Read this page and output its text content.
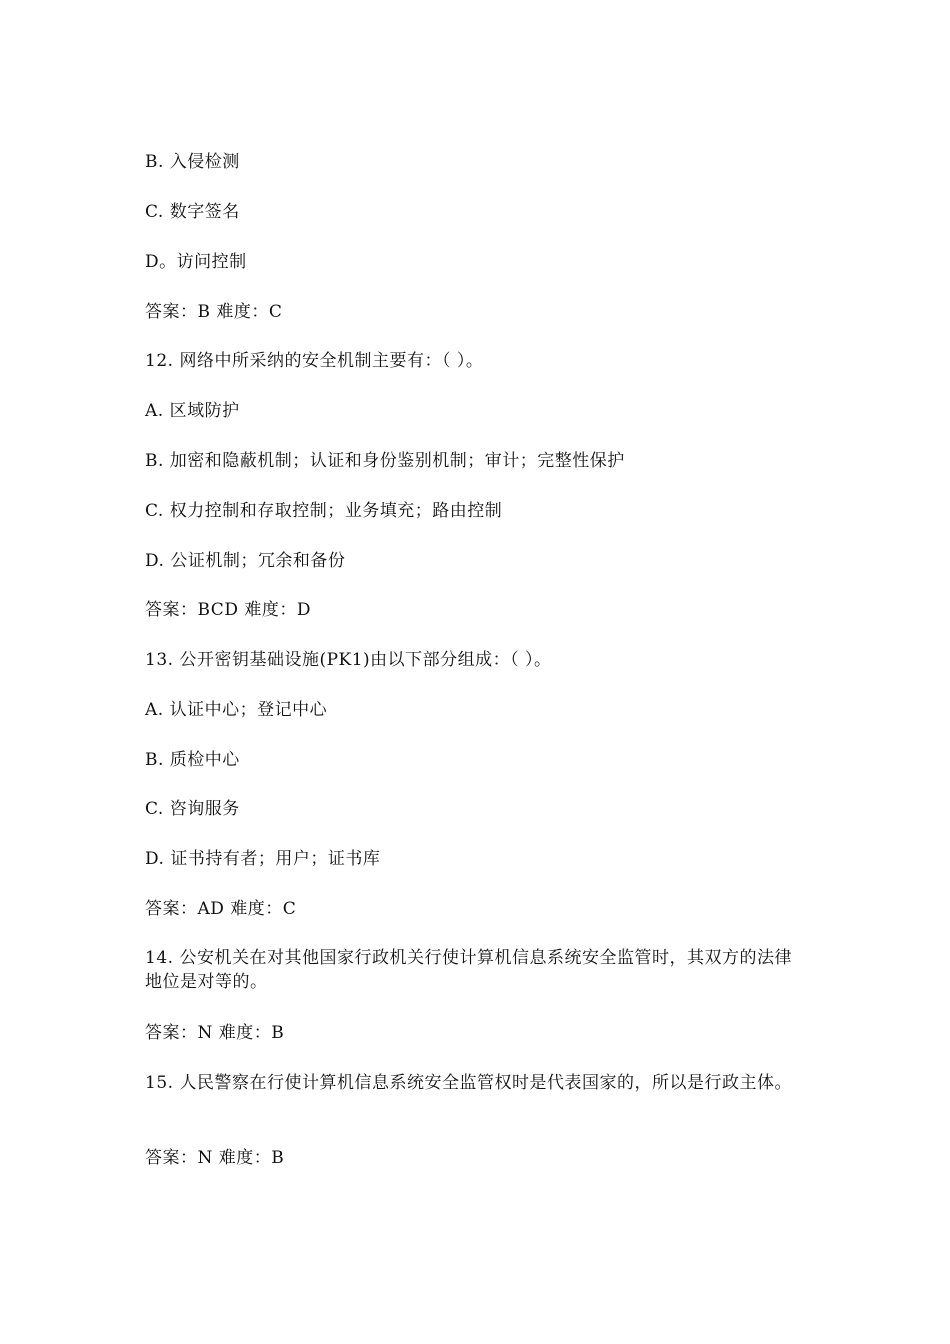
B. 入侵检测
C. 数字签名
D。访问控制
答案：B 难度：C
12. 网络中所采纳的安全机制主要有：（ ）。
A. 区域防护
B. 加密和隐蔽机制；认证和身份鉴别机制；审计；完整性保护
C. 权力控制和存取控制；业务填充；路由控制
D. 公证机制；冗余和备份
答案：BCD 难度：D
13. 公开密钥基础设施(PK1)由以下部分组成：（ ）。
A. 认证中心；登记中心
B. 质检中心
C. 咨询服务
D. 证书持有者；用户；证书库
答案：AD 难度：C
14. 公安机关在对其他国家行政机关行使计算机信息系统安全监管时，其双方的法律地位是对等的。
答案：N 难度：B
15. 人民警察在行使计算机信息系统安全监管权时是代表国家的，所以是行政主体。
答案：N 难度：B
